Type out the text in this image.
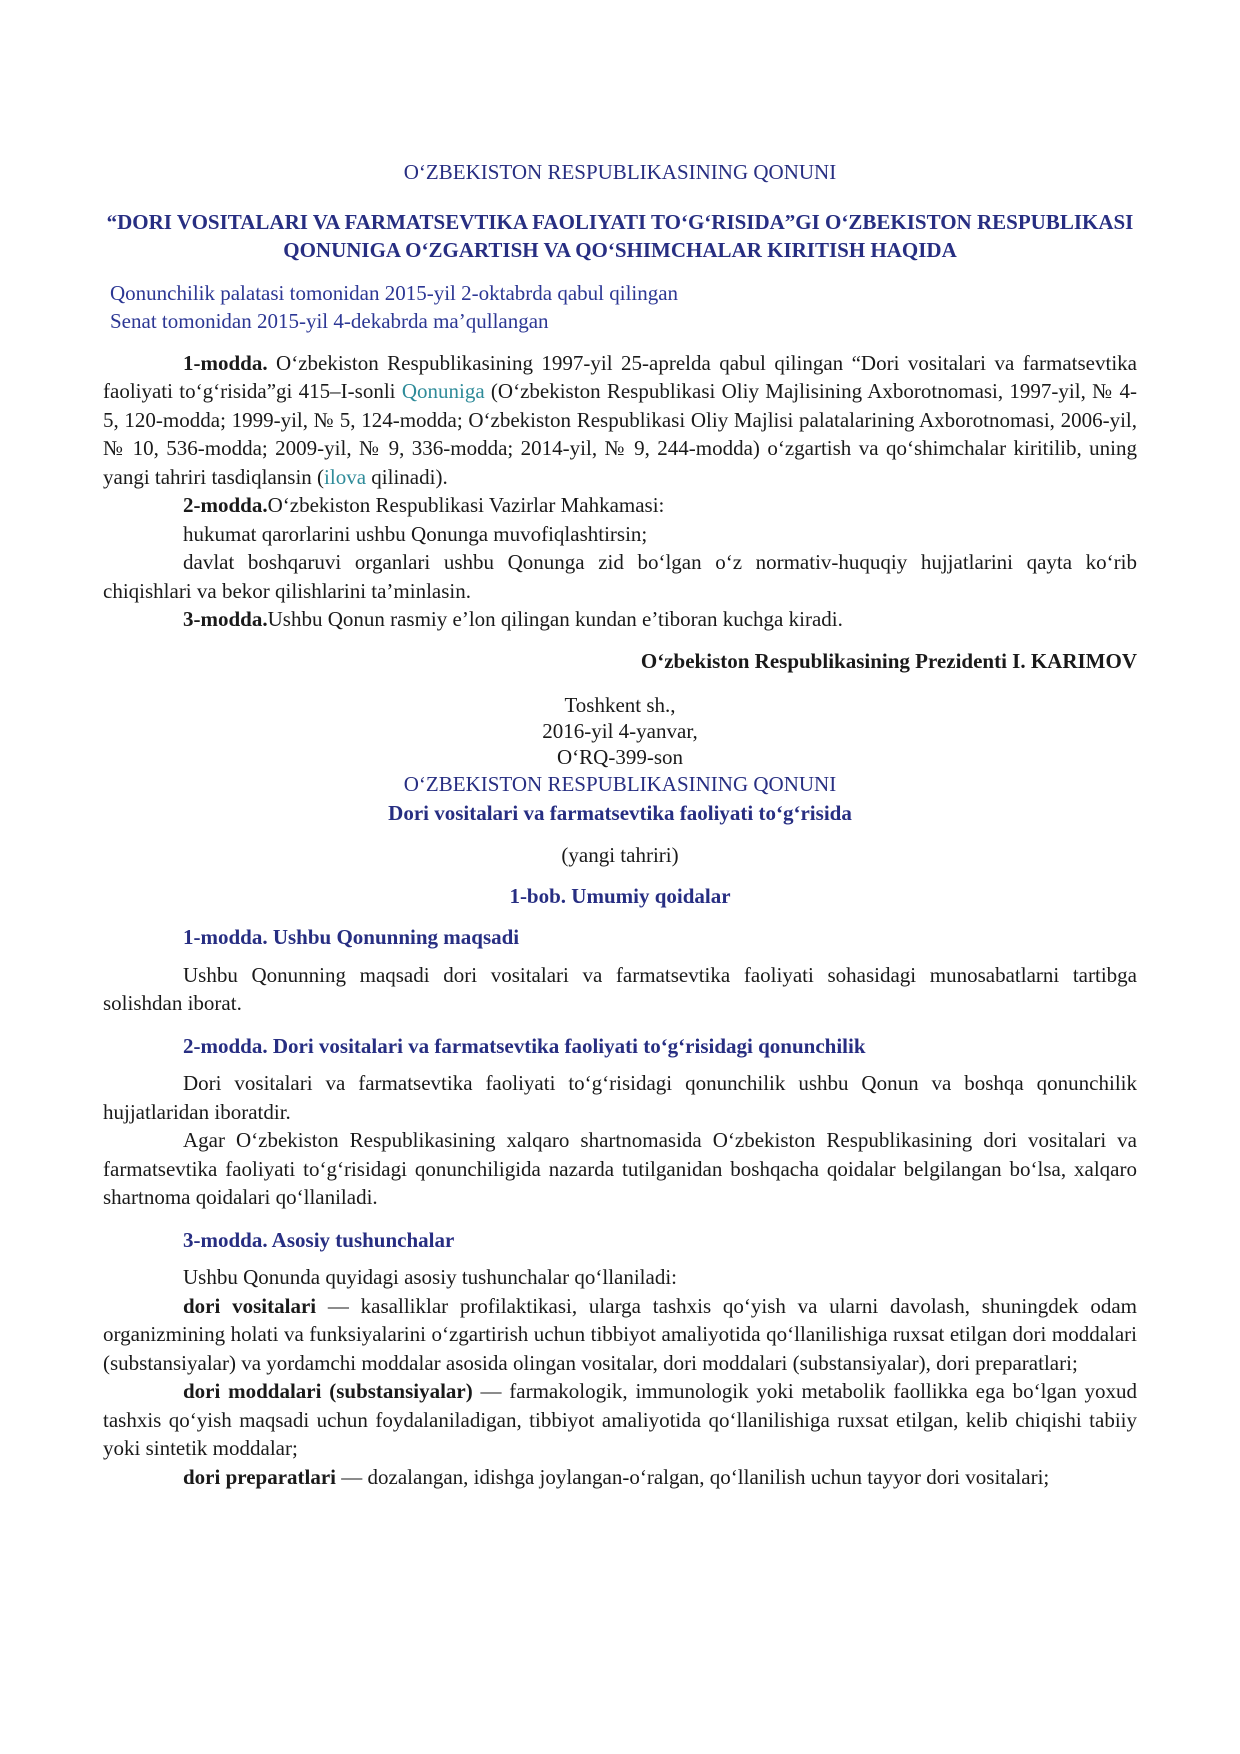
O‘ZBEKISTON RESPUBLIKASINING QONUNI
“DORI VOSITALARI VA FARMATSEVTIKA FAOLIYATI TO‘G‘RISIDA”GI O‘ZBEKISTON RESPUBLIKASI QONUNIGA O‘ZGARTISH VA QO‘SHIMCHALAR KIRITISH HAQIDA
Qonunchilik palatasi tomonidan 2015-yil 2-oktabrda qabul qilingan
Senat tomonidan 2015-yil 4-dekabrda ma’qullangan

1-modda. O‘zbekiston Respublikasining 1997-yil 25-aprelda qabul qilingan “Dori vositalari va farmatsevtika faoliyati to‘g‘risida”gi 415–I-sonli Qonuniga (O‘zbekiston Respublikasi Oliy Majlisining Axborotnomasi, 1997-yil, № 4-5, 120-modda; 1999-yil, № 5, 124-modda; O‘zbekiston Respublikasi Oliy Majlisi palatalarining Axborotnomasi, 2006-yil, № 10, 536-modda; 2009-yil, № 9, 336-modda; 2014-yil, № 9, 244-modda) o‘zgartish va qo‘shimchalar kiritilib, uning yangi tahriri tasdiqlansin (ilova qilinadi).

2-modda.O‘zbekiston Respublikasi Vazirlar Mahkamasi:

hukumat qarorlarini ushbu Qonunga muvofiqlashtirsin;

davlat boshqaruvi organlari ushbu Qonunga zid bo‘lgan o‘z normativ-huquqiy hujjatlarini qayta ko‘rib chiqishlari va bekor qilishlarini ta’minlasin.

3-modda.Ushbu Qonun rasmiy e’lon qilingan kundan e’tiboran kuchga kiradi.

O‘zbekiston Respublikasining Prezidenti I. KARIMOV
Toshkent sh.,
2016-yil 4-yanvar,
O‘RQ-399-son
O‘ZBEKISTON RESPUBLIKASINING QONUNI
Dori vositalari va farmatsevtika faoliyati to‘g‘risida
(yangi tahriri)
1-bob. Umumiy qoidalar
1-modda. Ushbu Qonunning maqsadi

Ushbu Qonunning maqsadi dori vositalari va farmatsevtika faoliyati sohasidagi munosabatlarni tartibga solishdan iborat.

2-modda. Dori vositalari va farmatsevtika faoliyati to‘g‘risidagi qonunchilik

Dori vositalari va farmatsevtika faoliyati to‘g‘risidagi qonunchilik ushbu Qonun va boshqa qonunchilik hujjatlaridan iboratdir.

Agar O‘zbekiston Respublikasining xalqaro shartnomasida O‘zbekiston Respublikasining dori vositalari va farmatsevtika faoliyati to‘g‘risidagi qonunchiligida nazarda tutilganidan boshqacha qoidalar belgilangan bo‘lsa, xalqaro shartnoma qoidalari qo‘llaniladi.

3-modda. Asosiy tushunchalar

Ushbu Qonunda quyidagi asosiy tushunchalar qo‘llaniladi:

dori vositalari — kasalliklar profilaktikasi, ularga tashxis qo‘yish va ularni davolash, shuningdek odam organizmining holati va funksiyalarini o‘zgartirish uchun tibbiyot amaliyotida qo‘llanilishiga ruxsat etilgan dori moddalari (substansiyalar) va yordamchi moddalar asosida olingan vositalar, dori moddalari (substansiyalar), dori preparatlari;

dori moddalari (substansiyalar) — farmakologik, immunologik yoki metabolik faollikka ega bo‘lgan yoxud tashxis qo‘yish maqsadi uchun foydalaniladigan, tibbiyot amaliyotida qo‘llanilishiga ruxsat etilgan, kelib chiqishi tabiiy yoki sintetik moddalar;

dori preparatlari — dozalangan, idishga joylangan-o‘ralgan, qo‘llanilish uchun tayyor dori vositalari;
